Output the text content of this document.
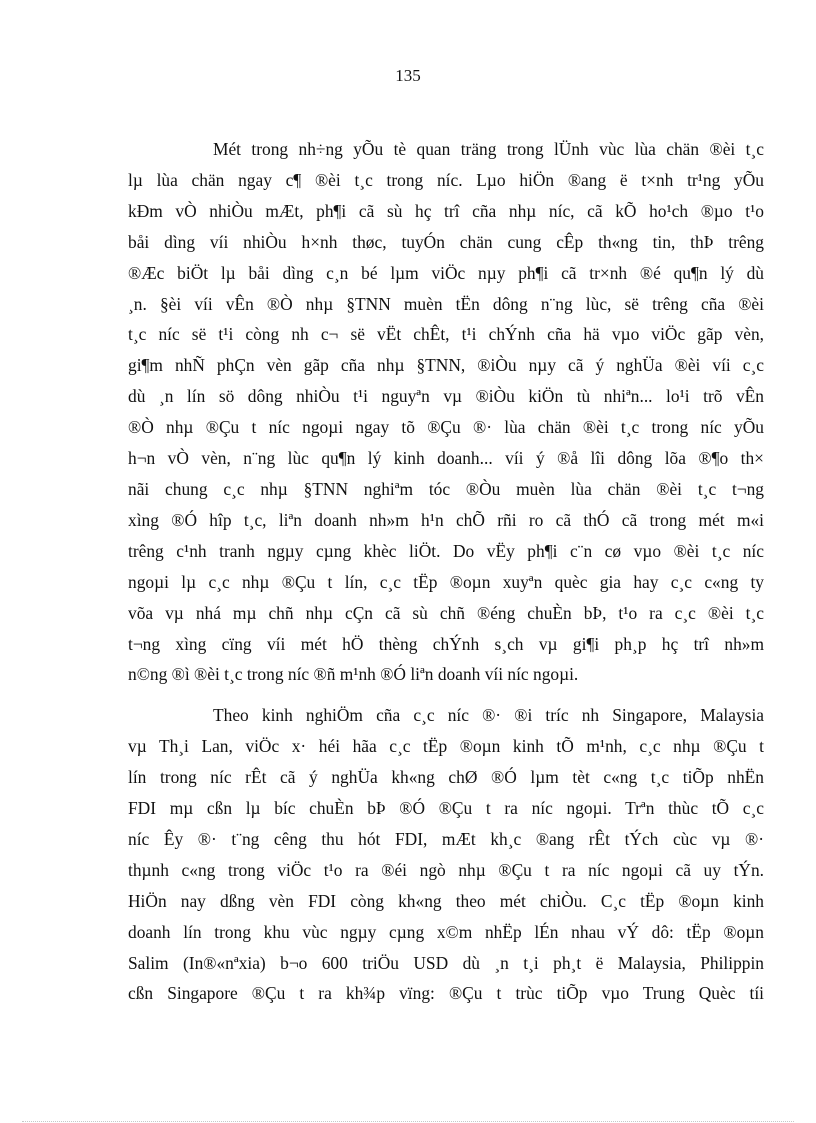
135
Mét trong nh÷ng yÕu tè quan träng trong lÜnh vùc lùa chän ®èi t¸c
lµ lùa chän ngay c¶ ®èi t¸c trong níc. Lµo hiÖn ®ang ë t×nh tr¹ng yÕu
kÐm vÒ nhiÒu mÆt, ph¶i cã sù hç trî cña nhµ níc, cã kÕ ho¹ch ®µo t¹o
båi dìng víi nhiÒu h×nh thøc, tuyÓn chän cung cÊp th«ng tin, thÞ trêng
®Æc biÖt lµ båi dìng c¸n bé lµm viÖc nµy ph¶i cã tr×nh ®é qu¶n lý dù
¸n. §èi víi vÊn ®Ò nhµ §TNN muèn tËn dông n¨ng lùc, së trêng cña ®èi
t¸c níc së t¹i còng nh c¬ së vËt chÊt, t¹i chÝnh cña hä vµo viÖc gãp vèn,
gi¶m nhÑ phÇn vèn gãp cña nhµ §TNN, ®iÒu nµy cã ý nghÜa ®èi víi c¸c
dù ¸n lín sö dông nhiÒu t¹i nguyªn vµ ®iÒu kiÖn tù nhiªn... lo¹i trõ vÊn
®Ò nhµ ®Çu t níc ngoµi ngay tõ ®Çu ®· lùa chän ®èi t¸c trong níc yÕu
h¬n vÒ vèn, n¨ng lùc qu¶n lý kinh doanh... víi ý ®å lîi dông lõa ®¶o th×
nãi chung c¸c nhµ §TNN nghiªm tóc ®Òu muèn lùa chän ®èi t¸c t¬ng
xìng ®Ó hîp t¸c, liªn doanh nh»m h¹n chÕ rñi ro cã thÓ cã trong mét m«i
trêng c¹nh tranh ngµy cµng khèc liÖt. Do vËy ph¶i c¨n cø vµo ®èi t¸c níc
ngoµi lµ c¸c nhµ ®Çu t lín, c¸c tËp ®oµn xuyªn quèc gia hay c¸c c«ng ty
võa vµ nhá mµ chñ nhµ cÇn cã sù chñ ®éng chuÈn bÞ, t¹o ra c¸c ®èi t¸c
t¬ng xìng cïng víi mét hÖ thèng chÝnh s¸ch vµ gi¶i ph¸p hç trî nh»m
n©ng ®ì ®èi t¸c trong níc ®ñ m¹nh ®Ó liªn doanh víi níc ngoµi.
Theo kinh nghiÖm cña c¸c níc ®· ®i tríc nh Singapore, Malaysia
vµ Th¸i Lan, viÖc x· héi hãa c¸c tËp ®oµn kinh tÕ m¹nh, c¸c nhµ ®Çu t
lín trong níc rÊt cã ý nghÜa kh«ng chØ ®Ó lµm tèt c«ng t¸c tiÕp nhËn
FDI mµ cßn lµ bíc chuÈn bÞ ®Ó ®Çu t ra níc ngoµi. Trªn thùc tÕ c¸c
níc Êy ®· t¨ng cêng thu hót FDI, mÆt kh¸c ®ang rÊt tÝch cùc vµ ®·
thµnh c«ng trong viÖc t¹o ra ®éi ngò nhµ ®Çu t ra níc ngoµi cã uy tÝn.
HiÖn nay dßng vèn FDI còng kh«ng theo mét chiÒu. C¸c tËp ®oµn kinh
doanh lín trong khu vùc ngµy cµng x©m nhËp lÉn nhau vÝ dô: tËp ®oµn
Salim (In®«nªxia) b¬o 600 triÖu USD dù ¸n t¸i ph¸t ë Malaysia, Philippin
cßn Singapore ®Çu t ra kh¾p vïng: ®Çu t trùc tiÕp vµo Trung Quèc tíi
